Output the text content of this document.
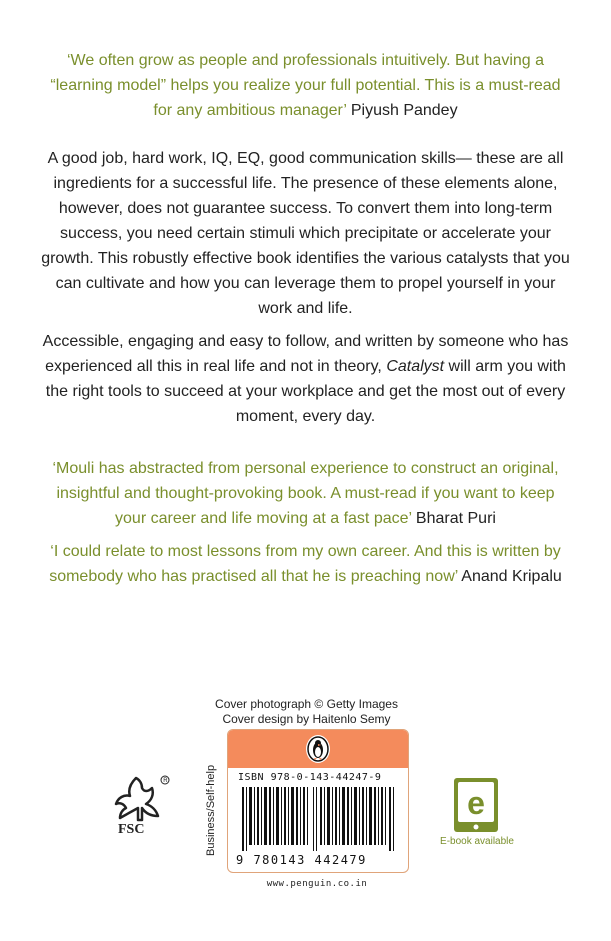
‘We often grow as people and professionals intuitively. But having a “learning model” helps you realize your full potential. This is a must-read for any ambitious manager’ Piyush Pandey
A good job, hard work, IQ, EQ, good communication skills— these are all ingredients for a successful life. The presence of these elements alone, however, does not guarantee success. To convert them into long-term success, you need certain stimuli which precipitate or accelerate your growth. This robustly effective book identifies the various catalysts that you can cultivate and how you can leverage them to propel yourself in your work and life.
Accessible, engaging and easy to follow, and written by someone who has experienced all this in real life and not in theory, Catalyst will arm you with the right tools to succeed at your workplace and get the most out of every moment, every day.
‘Mouli has abstracted from personal experience to construct an original, insightful and thought-provoking book. A must-read if you want to keep your career and life moving at a fast pace’ Bharat Puri
‘I could relate to most lessons from my own career. And this is written by somebody who has practised all that he is preaching now’ Anand Kripalu
Cover photograph © Getty Images
Cover design by Haitenlo Semy
Business/Self-help ISBN 978-0-143-44247-9
9 780143 442479
www.penguin.co.in
R
FSC
e
E-book available
